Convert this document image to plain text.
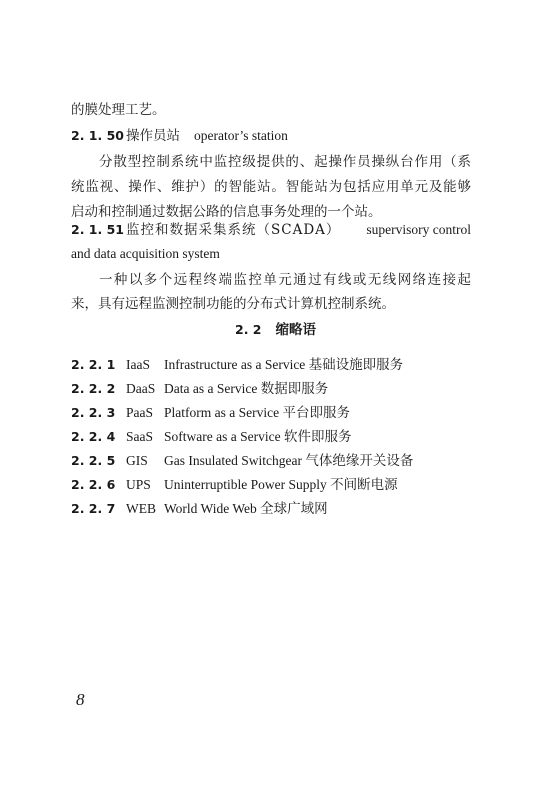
的膜处理工艺。
2. 1. 50 操作员站 operator’s station
分散型控制系统中监控级提供的、起操作员操纵台作用（系
统监视、操作、维护）的智能站。智能站为包括应用单元及能够
启动和控制通过数据公路的信息事务处理的一个站。
2. 1. 51 监控和数据采集系统（SCADA） supervisory control
and data acquisition system
一种以多个远程终端监控单元通过有线或无线网络连接起
来，具有远程监测控制功能的分布式计算机控制系统。
2. 2 缩略语
2. 2. 1 IaaS Infrastructure as a Service 基础设施即服务
2. 2. 2 DaaS Data as a Service 数据即服务
2. 2. 3 PaaS Platform as a Service 平台即服务
2. 2. 4 SaaS Software as a Service 软件即服务
2. 2. 5 GIS Gas Insulated Switchgear 气体绝缘开关设备
2. 2. 6 UPS Uninterruptible Power Supply 不间断电源
2. 2. 7 WEB World Wide Web 全球广域网
8
